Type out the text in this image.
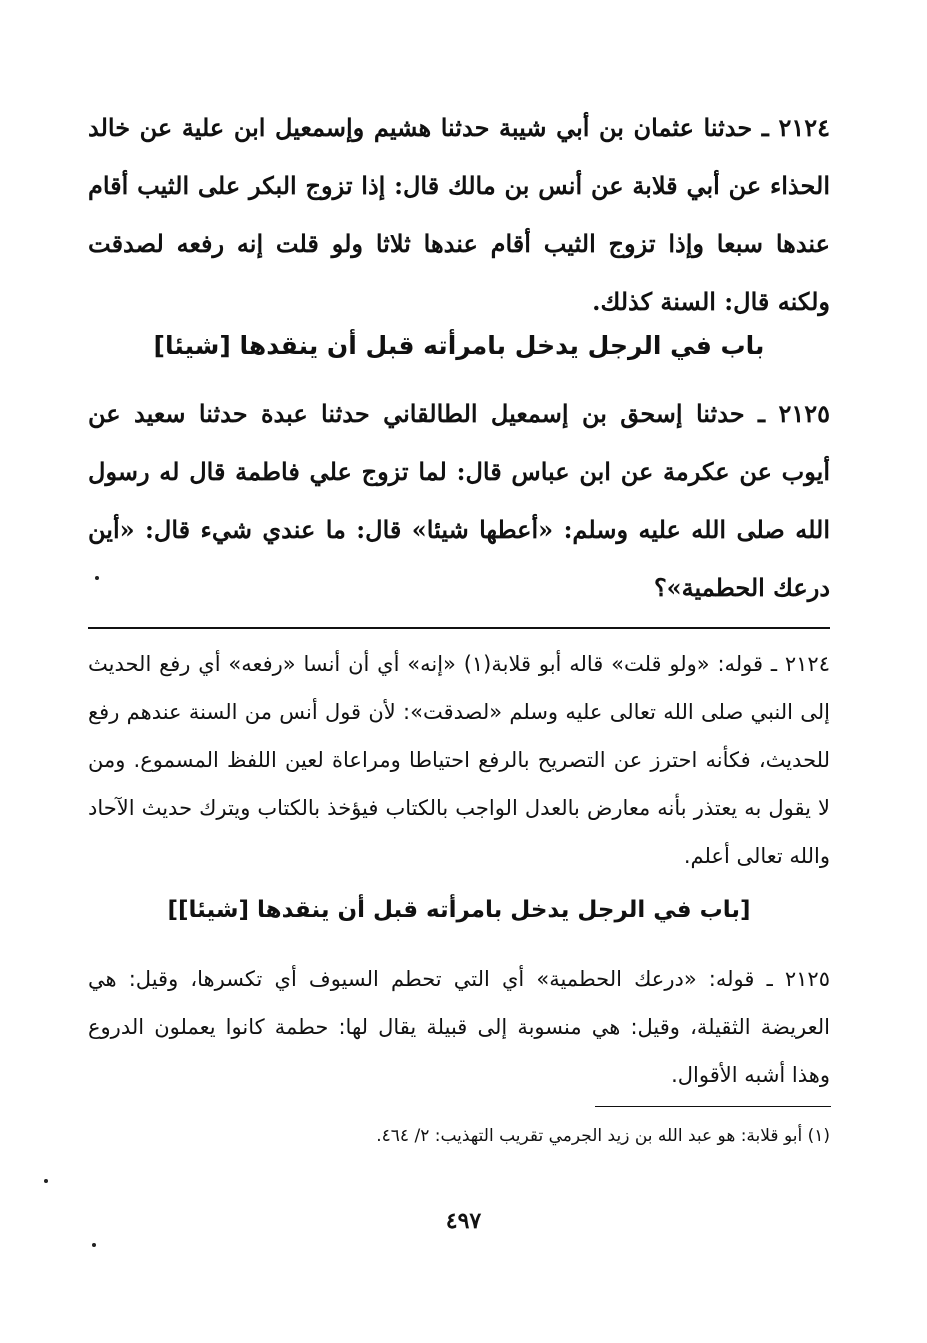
٢١٢٤ ـ حدثنا عثمان بن أبي شيبة حدثنا هشيم وإسمعيل ابن علية عن خالد الحذاء عن أبي قلابة عن أنس بن مالك قال: إذا تزوج البكر على الثيب أقام عندها سبعا وإذا تزوج الثيب أقام عندها ثلاثا ولو قلت إنه رفعه لصدقت ولكنه قال: السنة كذلك.

باب في الرجل يدخل بامرأته قبل أن ينقدها [شيئا]

٢١٢٥ ـ حدثنا إسحق بن إسمعيل الطالقاني حدثنا عبدة حدثنا سعيد عن أيوب عن عكرمة عن ابن عباس قال: لما تزوج علي فاطمة قال له رسول الله صلى الله عليه وسلم: «أعطها شيئا» قال: ما عندي شيء قال: «أين درعك الحطمية»؟

٢١٢٤ ـ قوله: «ولو قلت» قاله أبو قلابة(١) «إنه» أي أن أنسا «رفعه» أي رفع الحديث إلى النبي صلى الله تعالى عليه وسلم «لصدقت»: لأن قول أنس من السنة عندهم رفع للحديث، فكأنه احترز عن التصريح بالرفع احتياطا ومراعاة لعين اللفظ المسموع. ومن لا يقول به يعتذر بأنه معارض بالعدل الواجب بالكتاب فيؤخذ بالكتاب ويترك حديث الآحاد والله تعالى أعلم.

[باب في الرجل يدخل بامرأته قبل أن ينقدها [شيئا]]

٢١٢٥ ـ قوله: «درعك الحطمية» أي التي تحطم السيوف أي تكسرها، وقيل: هي العريضة الثقيلة، وقيل: هي منسوبة إلى قبيلة يقال لها: حطمة كانوا يعملون الدروع وهذا أشبه الأقوال.

(١) أبو قلابة: هو عبد الله بن زيد الجرمي تقريب التهذيب: ٢/ ٤٦٤.
٤٩٧
